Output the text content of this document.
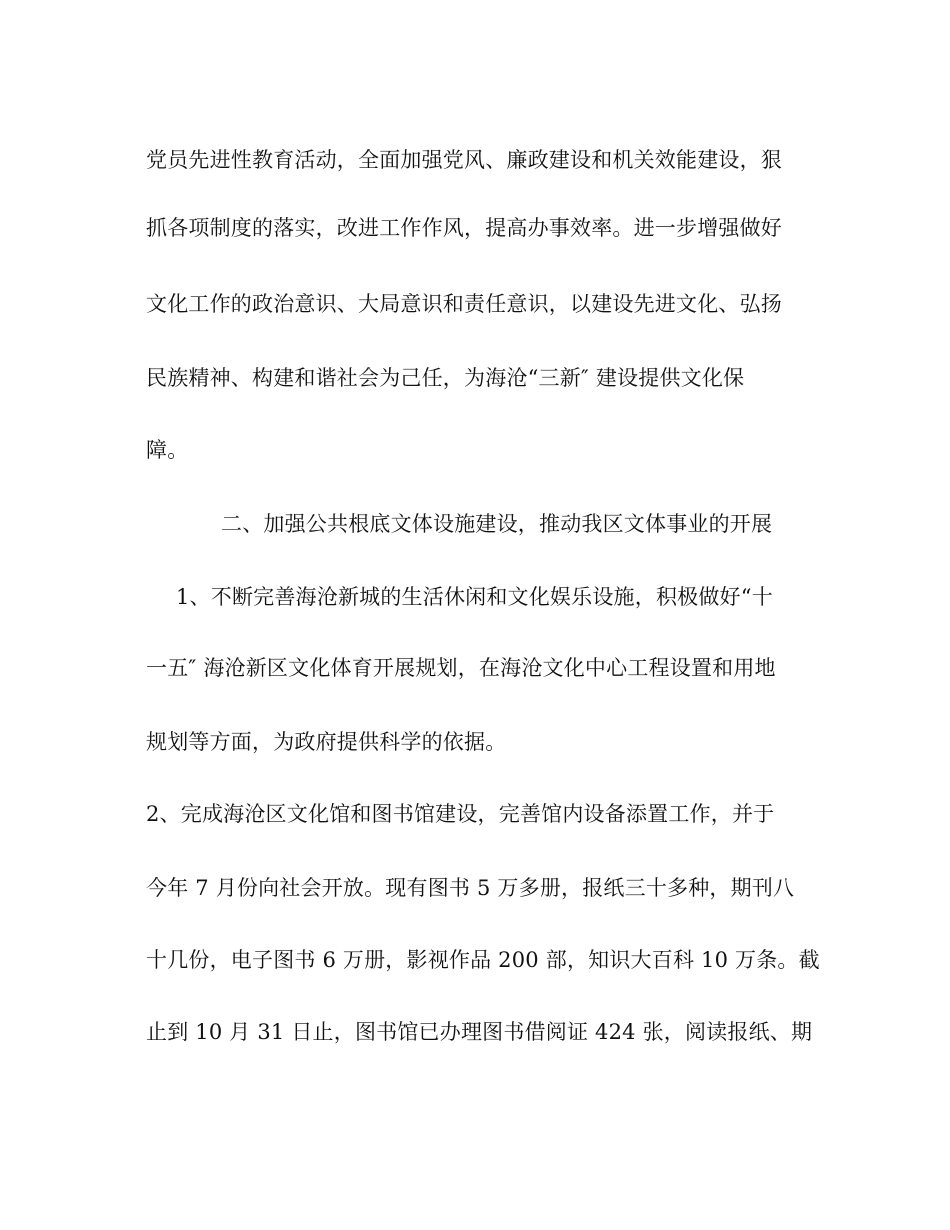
党员先进性教育活动，全面加强党风、廉政建设和机关效能建设，狠
抓各项制度的落实，改进工作作风，提高办事效率。进一步增强做好
文化工作的政治意识、大局意识和责任意识，以建设先进文化、弘扬
民族精神、构建和谐社会为己任，为海沧“三新″ 建设提供文化保
障。
二、加强公共根底文体设施建设，推动我区文体事业的开展
1、不断完善海沧新城的生活休闲和文化娱乐设施，积极做好“十
一五″ 海沧新区文化体育开展规划，在海沧文化中心工程设置和用地
规划等方面，为政府提供科学的依据。
2、完成海沧区文化馆和图书馆建设，完善馆内设备添置工作，并于
今年 7 月份向社会开放。现有图书 5 万多册，报纸三十多种，期刊八
十几份，电子图书 6 万册，影视作品 200 部，知识大百科 10 万条。截
止到 10 月 31 日止，图书馆已办理图书借阅证 424 张，阅读报纸、期
